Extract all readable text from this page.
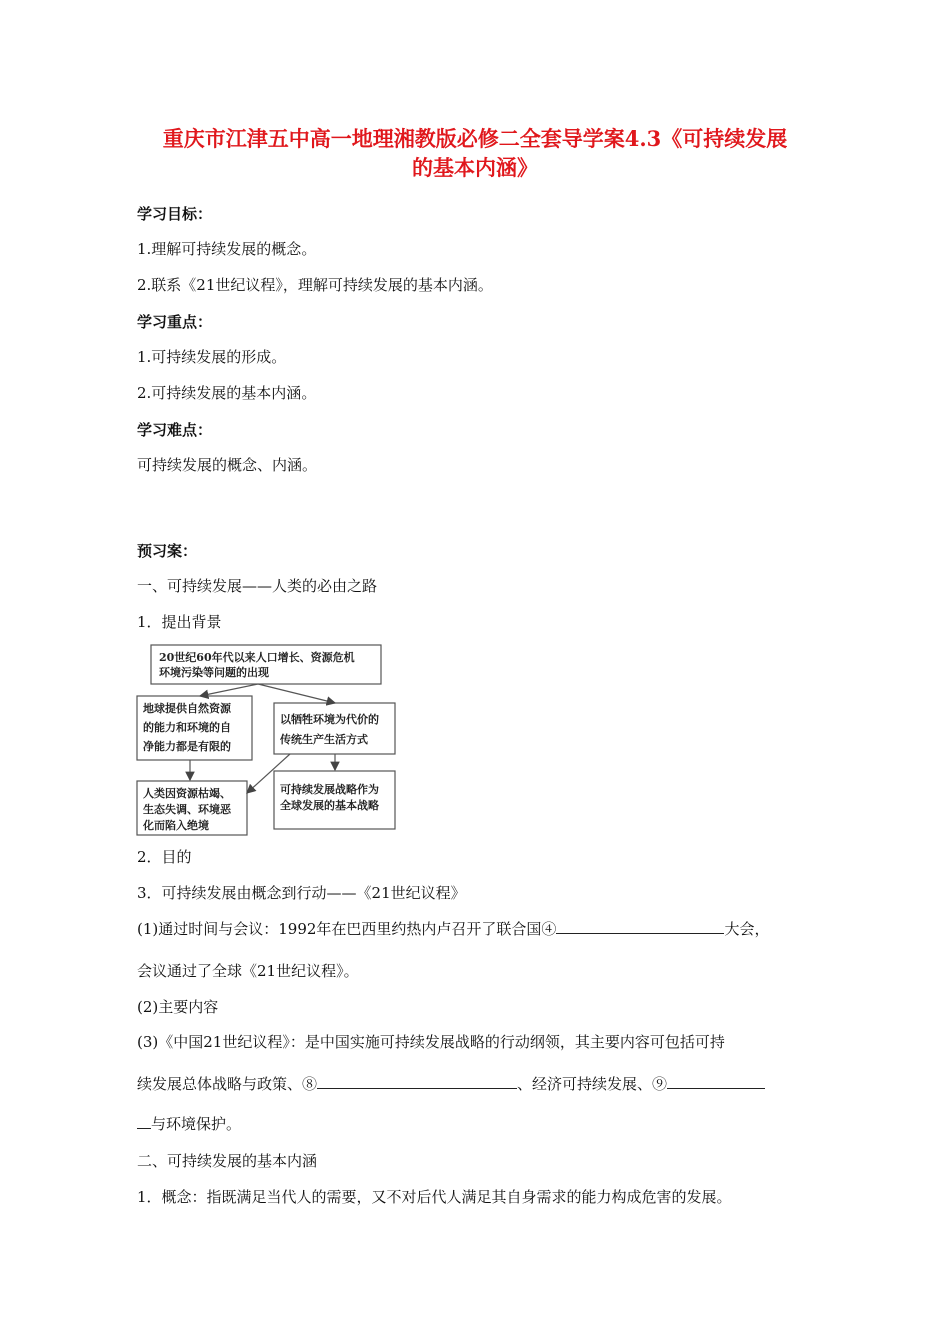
重庆市江津五中高一地理湘教版必修二全套导学案4.3《可持续发展
的基本内涵》
学习目标：
1.理解可持续发展的概念。
2.联系《21世纪议程》，理解可持续发展的基本内涵。
学习重点：
1.可持续发展的形成。
2.可持续发展的基本内涵。
学习难点：
可持续发展的概念、内涵。
预习案：
一、可持续发展——人类的必由之路
1．提出背景
20世纪60年代以来人口增长、资源危机
环境污染等问题的出现
地球提供自然资源
的能力和环境的自
净能力都是有限的
以牺牲环境为代价的
传统生产生活方式
人类因资源枯竭、
生态失调、环境恶
化而陷入绝境
可持续发展战略作为
全球发展的基本战略
2．目的
3．可持续发展由概念到行动——《21世纪议程》
(1)通过时间与会议：1992年在巴西里约热内卢召开了联合国④	大会，
会议通过了全球《21世纪议程》。
(2)主要内容
(3)《中国21世纪议程》：是中国实施可持续发展战略的行动纲领，其主要内容可包括可持
续发展总体战略与政策、⑧	、经济可持续发展、⑨
与环境保护。
二、可持续发展的基本内涵
1．概念：指既满足当代人的需要，又不对后代人满足其自身需求的能力构成危害的发展。
